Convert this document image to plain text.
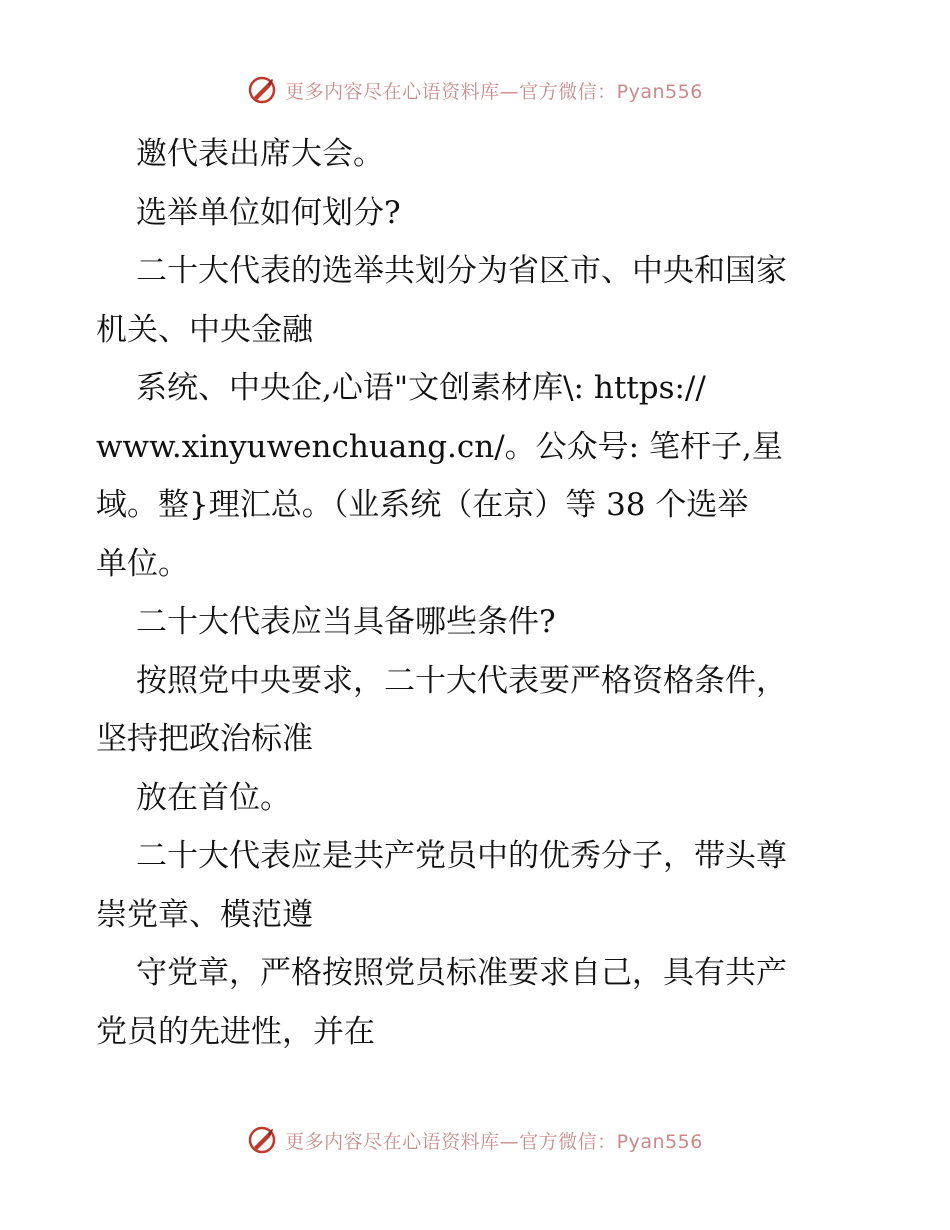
更多内容尽在心语资料库—官方微信：Pyan556
邀代表出席大会。
选举单位如何划分?
二十大代表的选举共划分为省区市、中央和国家
机关、中央金融
系统、中央企,心语"文创素材库\: https://
www.xinyuwenchuang.cn/。公众号: 笔杆子,星
域。整}理汇总。（业系统（在京）等 38 个选举
单位。
二十大代表应当具备哪些条件?
按照党中央要求，二十大代表要严格资格条件，
坚持把政治标准
放在首位。
二十大代表应是共产党员中的优秀分子，带头尊
崇党章、模范遵
守党章，严格按照党员标准要求自己，具有共产
党员的先进性，并在
更多内容尽在心语资料库—官方微信：Pyan556
